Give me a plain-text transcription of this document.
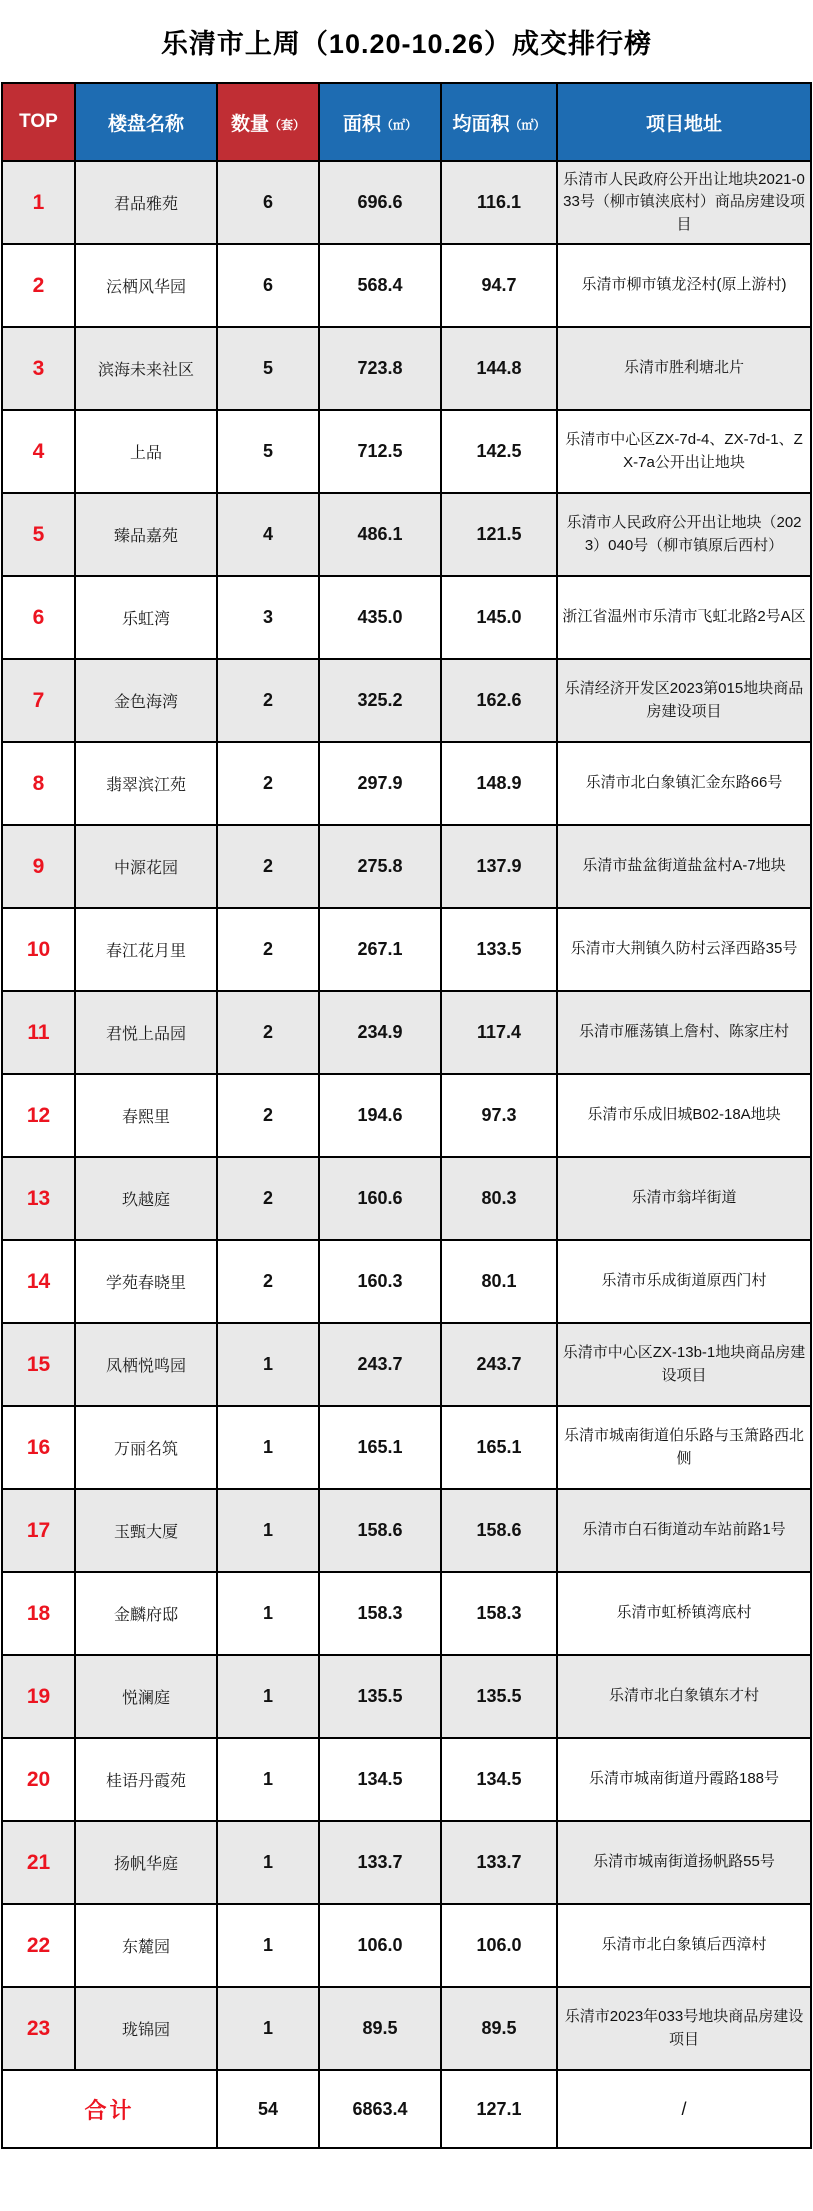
乐清市上周（10.20-10.26）成交排行榜
TOP	楼盘名称	数量（套）	面积（㎡）	均面积（㎡）	项目地址
1	君品雅苑	6	696.6	116.1	乐清市人民政府公开出让地块2021-033号（柳市镇浃底村）商品房建设项目
2	沄栖风华园	6	568.4	94.7	乐清市柳市镇龙泾村(原上游村)
3	滨海未来社区	5	723.8	144.8	乐清市胜利塘北片
4	上品	5	712.5	142.5	乐清市中心区ZX-7d-4、ZX-7d-1、ZX-7a公开出让地块
5	臻品嘉苑	4	486.1	121.5	乐清市人民政府公开出让地块（2023）040号（柳市镇原后西村）
6	乐虹湾	3	435.0	145.0	浙江省温州市乐清市飞虹北路2号A区
7	金色海湾	2	325.2	162.6	乐清经济开发区2023第015地块商品房建设项目
8	翡翠滨江苑	2	297.9	148.9	乐清市北白象镇汇金东路66号
9	中源花园	2	275.8	137.9	乐清市盐盆街道盐盆村A-7地块
10	春江花月里	2	267.1	133.5	乐清市大荆镇久防村云泽西路35号
11	君悦上品园	2	234.9	117.4	乐清市雁荡镇上詹村、陈家庄村
12	春熙里	2	194.6	97.3	乐清市乐成旧城B02-18A地块
13	玖越庭	2	160.6	80.3	乐清市翁垟街道
14	学苑春晓里	2	160.3	80.1	乐清市乐成街道原西门村
15	凤栖悦鸣园	1	243.7	243.7	乐清市中心区ZX-13b-1地块商品房建设项目
16	万丽名筑	1	165.1	165.1	乐清市城南街道伯乐路与玉箫路西北侧
17	玉甄大厦	1	158.6	158.6	乐清市白石街道动车站前路1号
18	金麟府邸	1	158.3	158.3	乐清市虹桥镇湾底村
19	悦澜庭	1	135.5	135.5	乐清市北白象镇东才村
20	桂语丹霞苑	1	134.5	134.5	乐清市城南街道丹霞路188号
21	扬帆华庭	1	133.7	133.7	乐清市城南街道扬帆路55号
22	东麓园	1	106.0	106.0	乐清市北白象镇后西漳村
23	珑锦园	1	89.5	89.5	乐清市2023年033号地块商品房建设项目
合计		54	6863.4	127.1	/
